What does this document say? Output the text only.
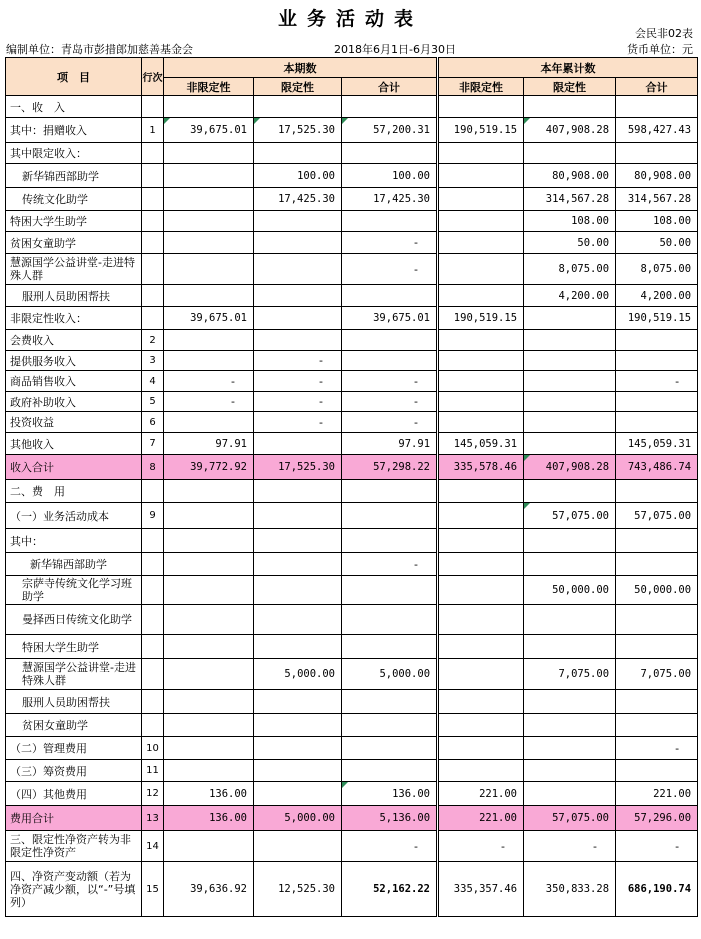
业务活动表
会民非02表
编制单位：青岛市彭措郎加慈善基金会	2018年6月1日-6月30日	货币单位：元
项　目	行次	本期数			本年累计数		
		非限定性	限定性	合计	非限定性	限定性	合计
一、收　入							
其中：捐赠收入	1	39,675.01	17,525.30	57,200.31	190,519.15	407,908.28	598,427.43
其中限定收入：							
新华锦西部助学			100.00	100.00		80,908.00	80,908.00
传统文化助学			17,425.30	17,425.30		314,567.28	314,567.28
特困大学生助学						108.00	108.00
贫困女童助学				-		50.00	50.00
慧源国学公益讲堂-走进特殊人群				-		8,075.00	8,075.00
服刑人员助困帮扶						4,200.00	4,200.00
非限定性收入：		39,675.01		39,675.01	190,519.15		190,519.15
会费收入	2						
提供服务收入	3		-				
商品销售收入	4	-	-	-			-
政府补助收入	5	-	-	-			
投资收益	6		-	-			
其他收入	7	97.91		97.91	145,059.31		145,059.31
收入合计	8	39,772.92	17,525.30	57,298.22	335,578.46	407,908.28	743,486.74
二、费　用							
（一）业务活动成本	9					57,075.00	57,075.00
其中：							
新华锦西部助学				-			
宗萨寺传统文化学习班助学						50,000.00	50,000.00
曼择西日传统文化助学							
特困大学生助学							
慧源国学公益讲堂-走进特殊人群			5,000.00	5,000.00		7,075.00	7,075.00
服刑人员助困帮扶							
贫困女童助学							
（二）管理费用	10						-
（三）筹资费用	11						
（四）其他费用	12	136.00		136.00	221.00		221.00
费用合计	13	136.00	5,000.00	5,136.00	221.00	57,075.00	57,296.00
三、限定性净资产转为非限定性净资产	14			-	-	-	-
四、净资产变动额（若为净资产减少额，以“-”号填列）	15	39,636.92	12,525.30	52,162.22	335,357.46	350,833.28	686,190.74
